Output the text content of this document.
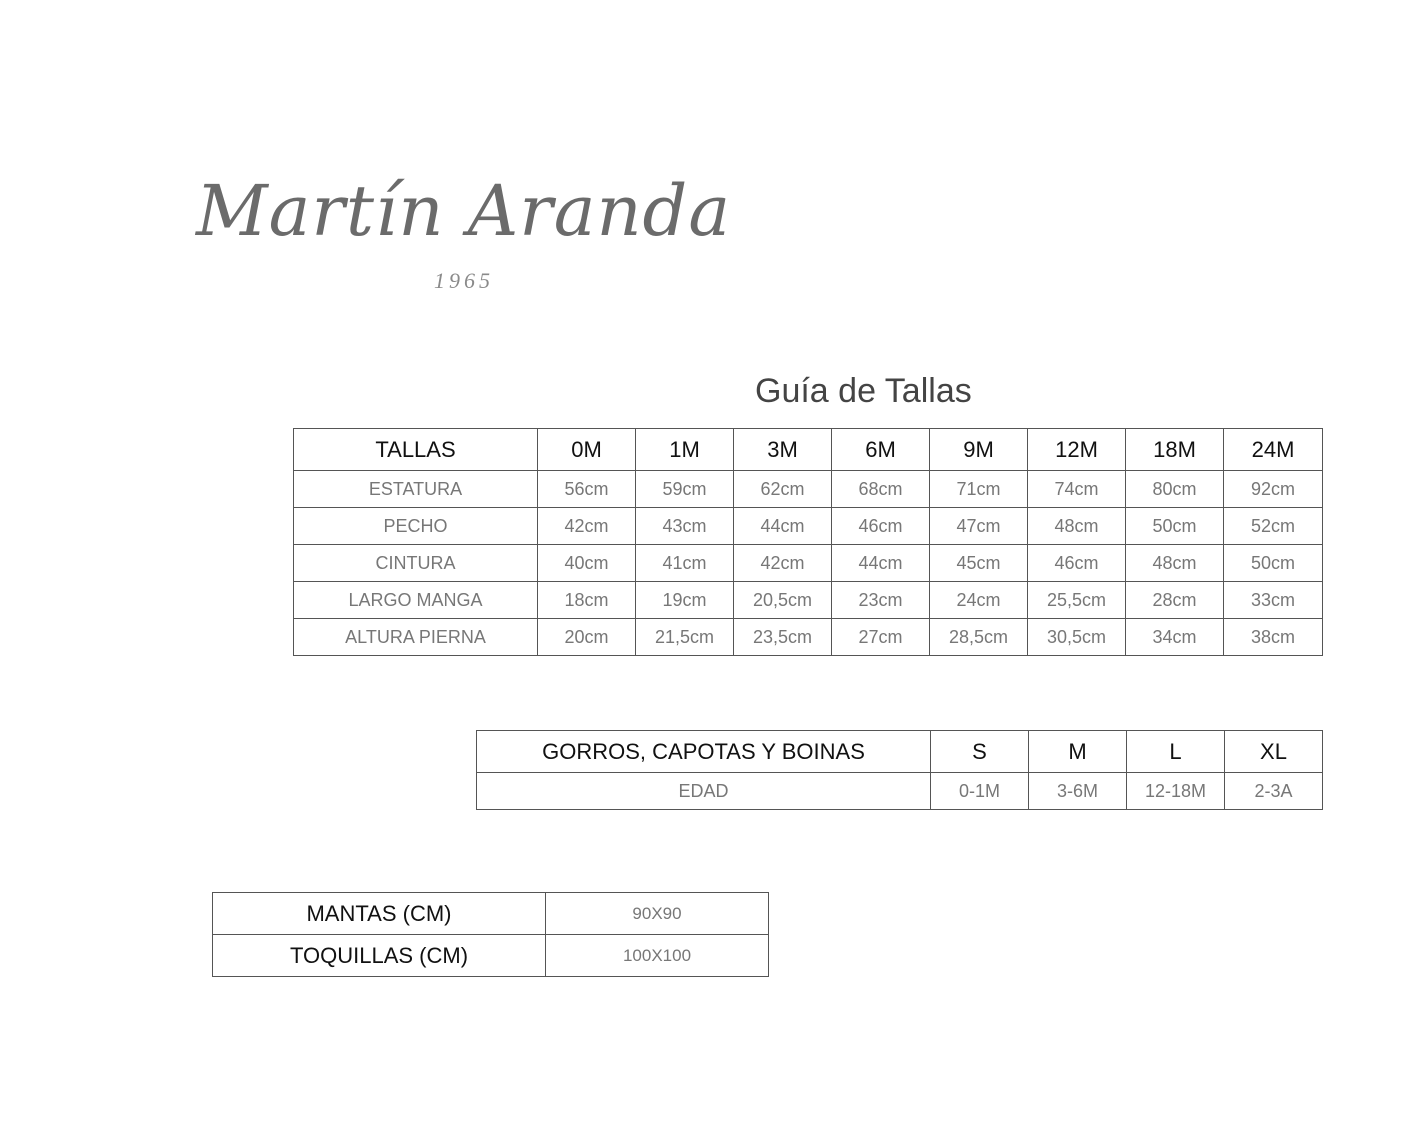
Martín Aranda
1965
Guía de Tallas
TALLAS	0M	1M	3M	6M	9M	12M	18M	24M
ESTATURA	56cm	59cm	62cm	68cm	71cm	74cm	80cm	92cm
PECHO	42cm	43cm	44cm	46cm	47cm	48cm	50cm	52cm
CINTURA	40cm	41cm	42cm	44cm	45cm	46cm	48cm	50cm
LARGO MANGA	18cm	19cm	20,5cm	23cm	24cm	25,5cm	28cm	33cm
ALTURA PIERNA	20cm	21,5cm	23,5cm	27cm	28,5cm	30,5cm	34cm	38cm
GORROS, CAPOTAS Y BOINAS	S	M	L	XL
EDAD	0-1M	3-6M	12-18M	2-3A
MANTAS (CM)	90X90
TOQUILLAS (CM)	100X100
